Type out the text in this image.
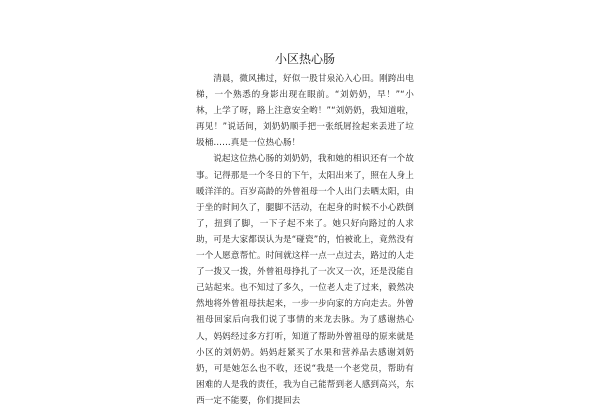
小区热心肠

清晨，微风拂过，好似一股甘泉沁入心田。刚跨出电梯，一个熟悉的身影出现在眼前。“刘奶奶，早！”“小林，上学了呀，路上注意安全哟！”“刘奶奶，我知道啦，再见！”说话间，刘奶奶顺手把一张纸屑捡起来丢进了垃圾桶……真是一位热心肠！

说起这位热心肠的刘奶奶，我和她的相识还有一个故事。记得那是一个冬日的下午，太阳出来了，照在人身上暖洋洋的。百岁高龄的外曾祖母一个人出门去晒太阳，由于坐的时间久了，腿脚不活动，在起身的时候不小心跌倒了，扭到了脚，一下子起不来了。她只好向路过的人求助，可是大家都误认为是“碰瓷”的，怕被讹上，竟然没有一个人愿意帮忙。时间就这样一点一点过去，路过的人走了一拨又一拨，外曾祖母挣扎了一次又一次，还是没能自己站起来。也不知过了多久，一位老人走了过来，毅然决然地将外曾祖母扶起来，一步一步向家的方向走去。外曾祖母回家后向我们说了事情的来龙去脉。为了感谢热心人，妈妈经过多方打听，知道了帮助外曾祖母的原来就是小区的刘奶奶。妈妈赶紧买了水果和营养品去感谢刘奶奶，可是她怎么也不收，还说“我是一个老党员，帮助有困难的人是我的责任，我为自己能帮到老人感到高兴，东西一定不能要，你们提回去
